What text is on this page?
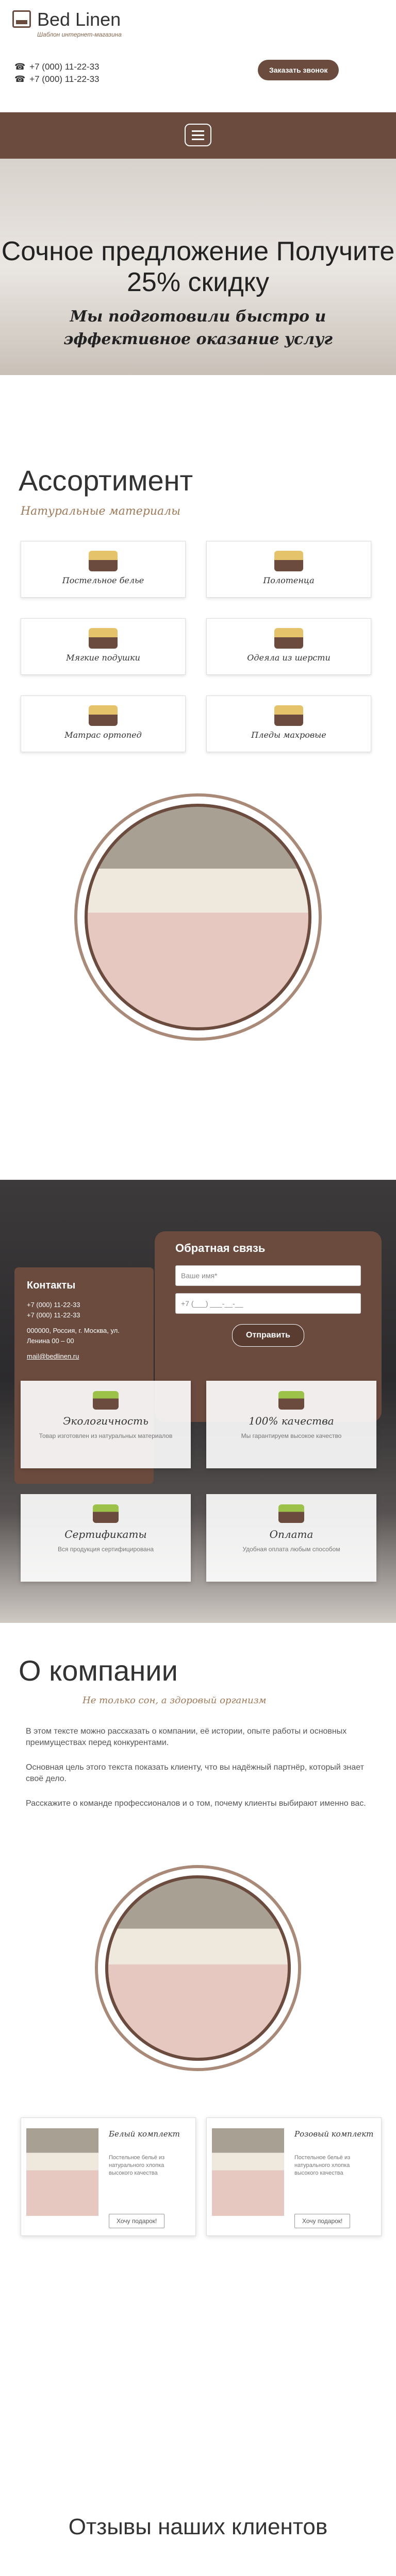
Bed Linen
Шаблон интернет-магазина
☎ +7 (000) 11-22-33
☎ +7 (000) 11-22-33
Заказать звонок
Сочное предложение Получите 25% скидку
Мы подготовили быстро и эффективное оказание услуг
Ассортимент
Натуральные материалы
Постельное белье	Полотенца
Мягкие подушки	Одеяла из шерсти
Матрас ортопед	Пледы махровые
Контакты
+7 (000) 11-22-33
+7 (000) 11-22-33
000000, Россия, г. Москва, ул. Ленина 00 – 00
mail@bedlinen.ru
Обратная связь
Ваше имя*
+7 (___) ___-__-__
Отправить
Экологичность
Товар изготовлен из натуральных материалов
100% качества
Мы гарантируем высокое качество
Сертификаты
Вся продукция сертифицирована
Оплата
Удобная оплата любым способом
О компании
Не только сон, а здоровый организм
В этом тексте можно рассказать о компании, её истории, опыте работы и основных преимуществах перед конкурентами.
Основная цель этого текста показать клиенту, что вы надёжный партнёр, который знает своё дело.
Расскажите о команде профессионалов и о том, почему клиенты выбирают именно вас.
Белый комплект
Постельное бельё из натурального хлопка высокого качества
Хочу подарок!
Розовый комплект
Постельное бельё из натурального хлопка высокого качества
Хочу подарок!
Отзывы наших клиентов
